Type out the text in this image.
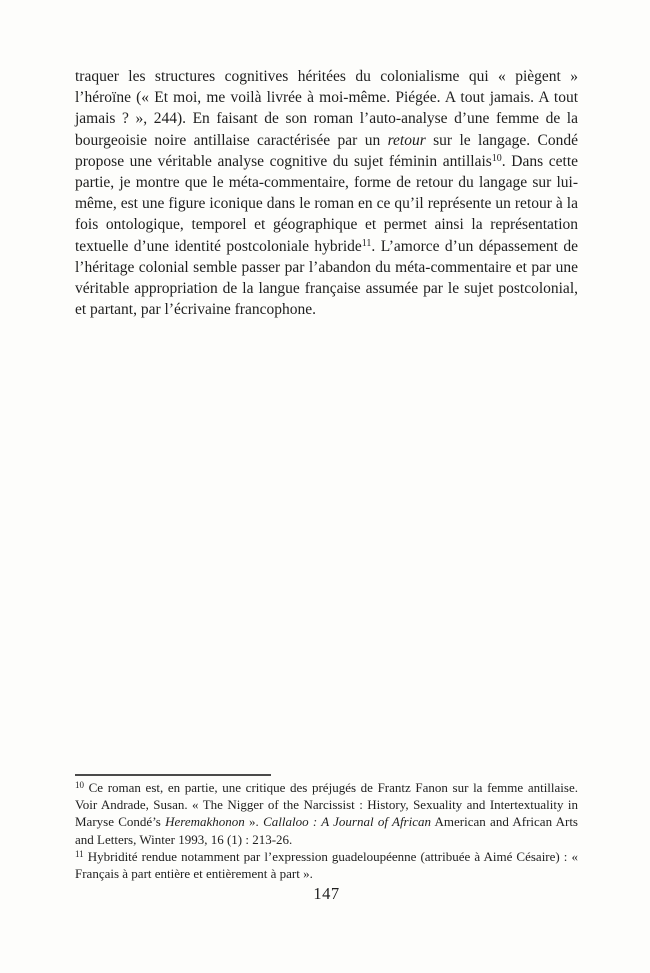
traquer les structures cognitives héritées du colonialisme qui « piègent » l’héroïne (« Et moi, me voilà livrée à moi-même. Piégée. A tout jamais. A tout jamais ? », 244). En faisant de son roman l’auto-analyse d’une femme de la bourgeoisie noire antillaise caractérisée par un retour sur le langage. Condé propose une véritable analyse cognitive du sujet féminin antillais$^{10}$. Dans cette partie, je montre que le méta-commentaire, forme de retour du langage sur lui-même, est une figure iconique dans le roman en ce qu’il représente un retour à la fois ontologique, temporel et géographique et permet ainsi la représentation textuelle d’une identité postcoloniale hybride$^{11}$. L’amorce d’un dépassement de l’héritage colonial semble passer par l’abandon du méta-commentaire et par une véritable appropriation de la langue française assumée par le sujet postcolonial, et partant, par l’écrivaine francophone.

$^{10}$ Ce roman est, en partie, une critique des préjugés de Frantz Fanon sur la femme antillaise. Voir Andrade, Susan. « The Nigger of the Narcissist : History, Sexuality and Intertextuality in Maryse Condé’s Heremakhonon ». Callaloo : A Journal of African American and African Arts and Letters, Winter 1993, 16 (1) : 213-26.

$^{11}$ Hybridité rendue notamment par l’expression guadeloupéenne (attribuée à Aimé Césaire) : « Français à part entière et entièrement à part ».

147
